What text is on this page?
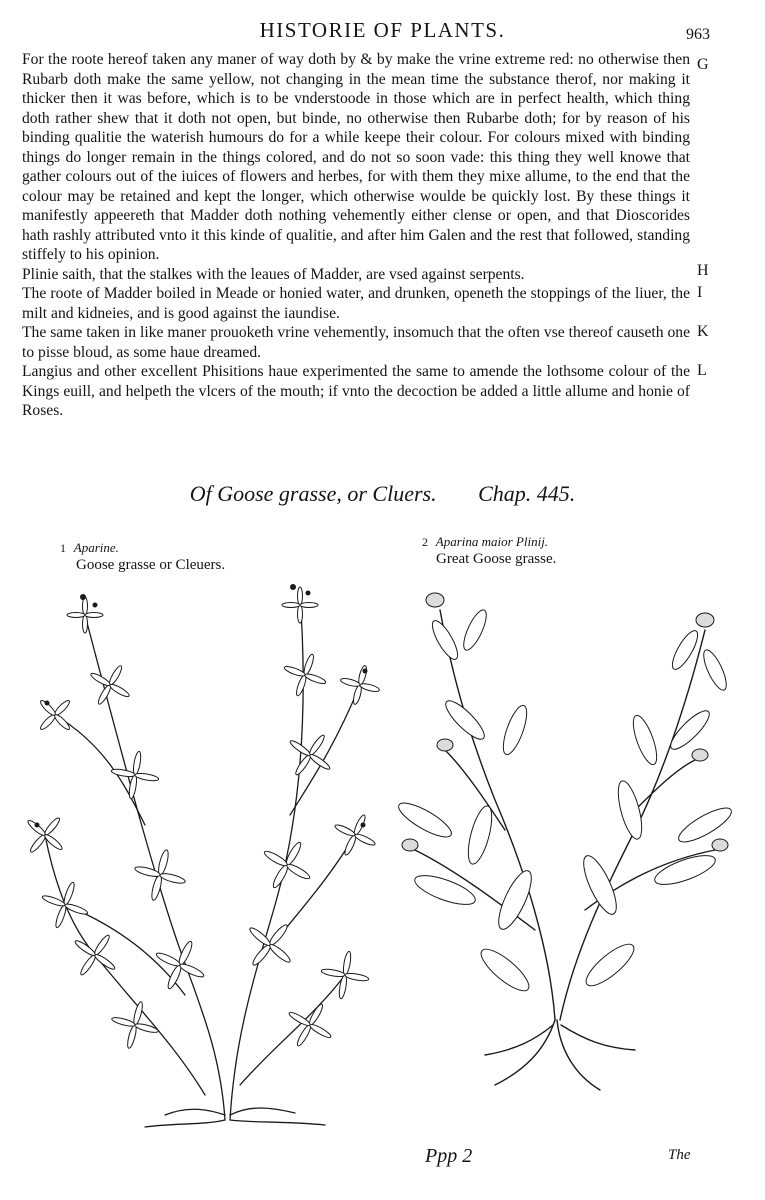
HISTORIE OF PLANTS.	963

For the roote hereof taken any maner of way doth by & by make the vrine extreme red: no otherwise then Rubarb doth make the same yellow, not changing in the mean time the substance therof, nor making it thicker then it was before, which is to be vnderstoode in those which are in perfect health, which thing doth rather shew that it doth not open, but binde, no otherwise then Rubarbe doth; for by reason of his binding qualitie the waterish humours do for a while keepe their colour. For colours mixed with binding things do longer remain in the things colored, and do not so soon vade: this thing they well knowe that gather colours out of the iuices of flowers and herbes, for with them they mixe allume, to the end that the colour may be retained and kept the longer, which otherwise woulde be quickly lost. By these things it manifestly appeereth that Madder doth nothing vehemently either clense or open, and that Dioscorides hath rashly attributed vnto it this kinde of qualitie, and after him Galen and the rest that followed, standing stiffely to his opinion.

Plinie saith, that the stalkes with the leaues of Madder, are vsed against serpents.

The roote of Madder boiled in Meade or honied water, and drunken, openeth the stoppings of the liuer, the milt and kidneies, and is good against the iaundise.

The same taken in like maner prouoketh vrine vehemently, insomuch that the often vse thereof causeth one to pisse bloud, as some haue dreamed.

Langius and other excellent Phisitions haue experimented the same to amende the lothsome colour of the Kings euill, and helpeth the vlcers of the mouth; if vnto the decoction be added a little allume and honie of Roses.

G
H
I
K
L
Of Goose grasse, or Cluers. Chap. 445.
1 Aparine.
Goose grasse or Cleuers.
2 Aparina maior Plinij.
Great Goose grasse.
Ppp 2	The
